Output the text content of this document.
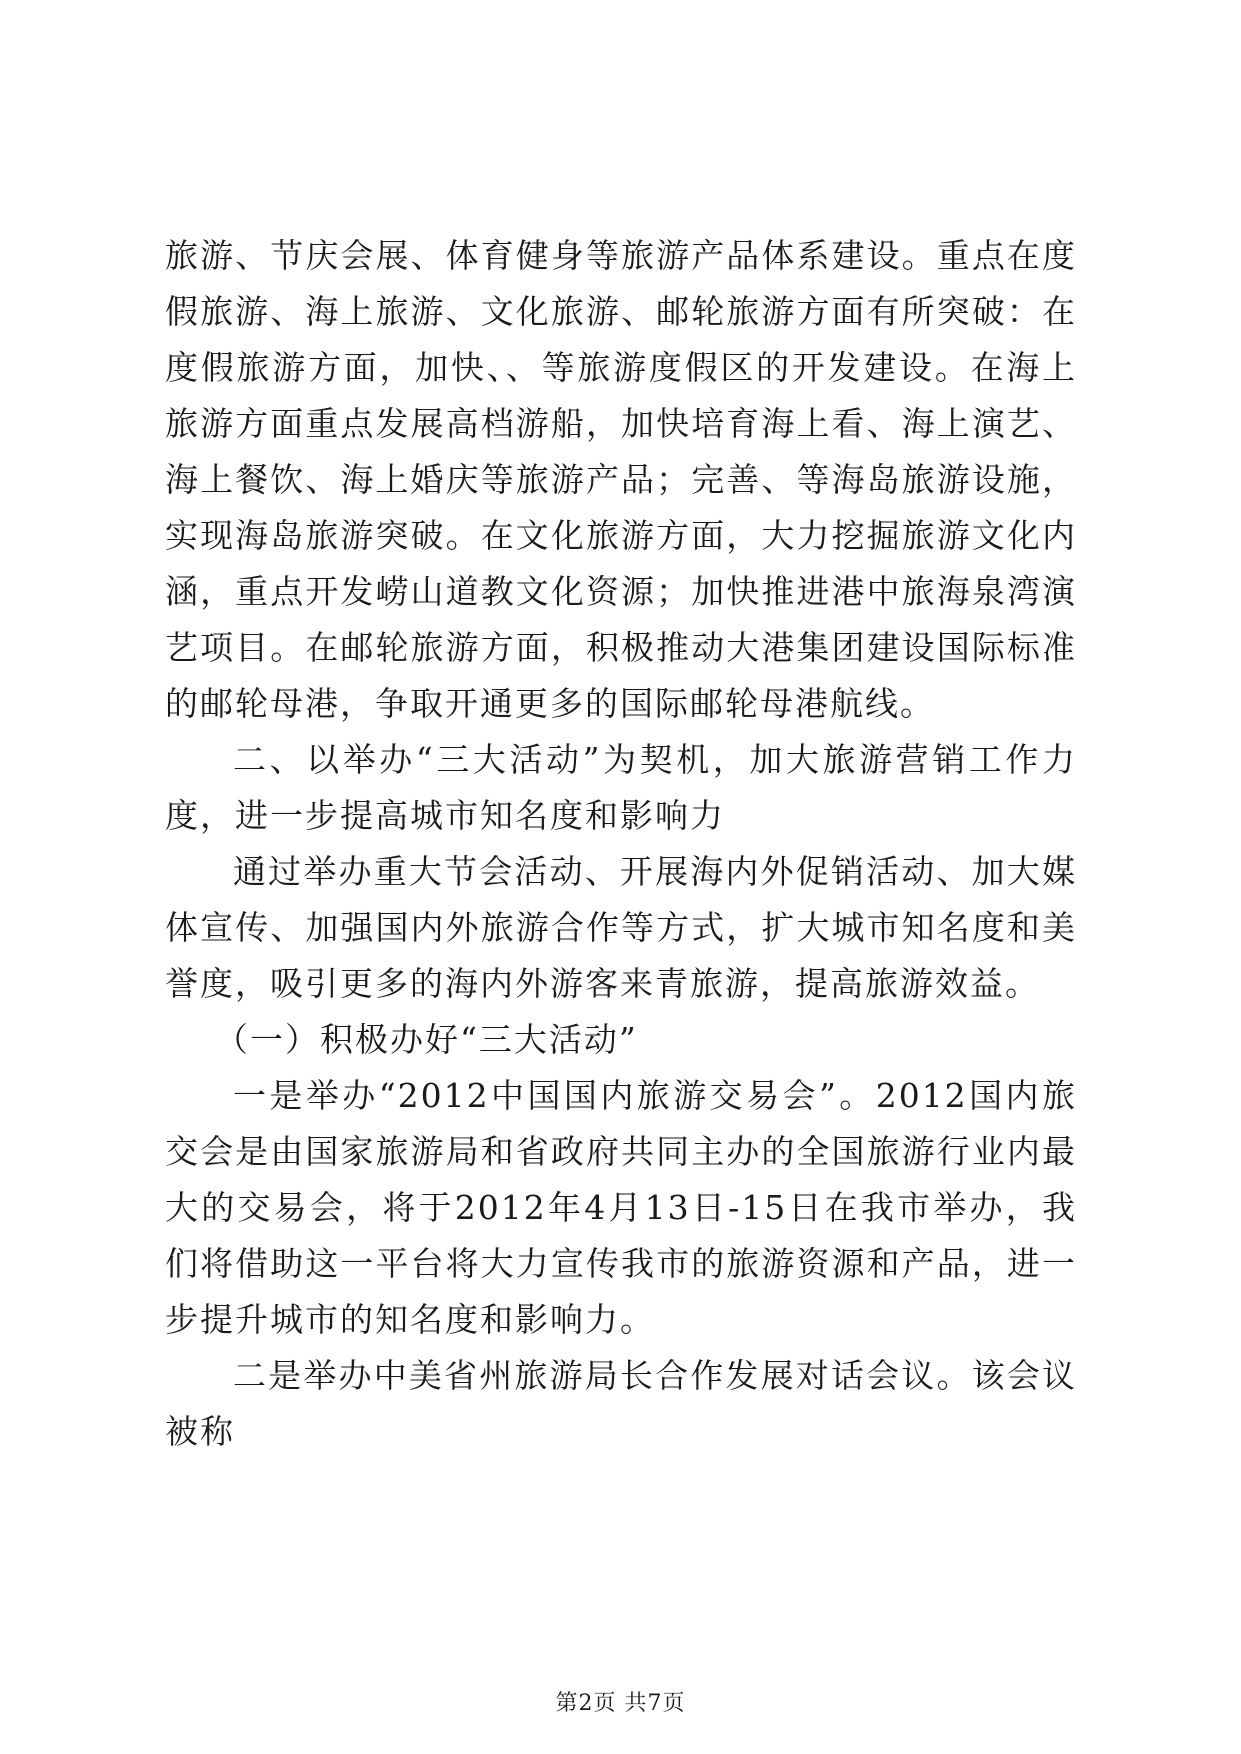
旅游、节庆会展、体育健身等旅游产品体系建设。重点在度假旅游、海上旅游、文化旅游、邮轮旅游方面有所突破：在度假旅游方面，加快、、等旅游度假区的开发建设。在海上旅游方面重点发展高档游船，加快培育海上看、海上演艺、海上餐饮、海上婚庆等旅游产品；完善、等海岛旅游设施，实现海岛旅游突破。在文化旅游方面，大力挖掘旅游文化内涵，重点开发崂山道教文化资源；加快推进港中旅海泉湾演艺项目。在邮轮旅游方面，积极推动大港集团建设国际标准的邮轮母港，争取开通更多的国际邮轮母港航线。

二、以举办“三大活动”为契机，加大旅游营销工作力度，进一步提高城市知名度和影响力

通过举办重大节会活动、开展海内外促销活动、加大媒体宣传、加强国内外旅游合作等方式，扩大城市知名度和美誉度，吸引更多的海内外游客来青旅游，提高旅游效益。

（一）积极办好“三大活动”

一是举办“2012中国国内旅游交易会”。2012国内旅交会是由国家旅游局和省政府共同主办的全国旅游行业内最大的交易会，将于2012年4月13日-15日在我市举办，我们将借助这一平台将大力宣传我市的旅游资源和产品，进一步提升城市的知名度和影响力。

二是举办中美省州旅游局长合作发展对话会议。该会议被称

第2页 共7页
